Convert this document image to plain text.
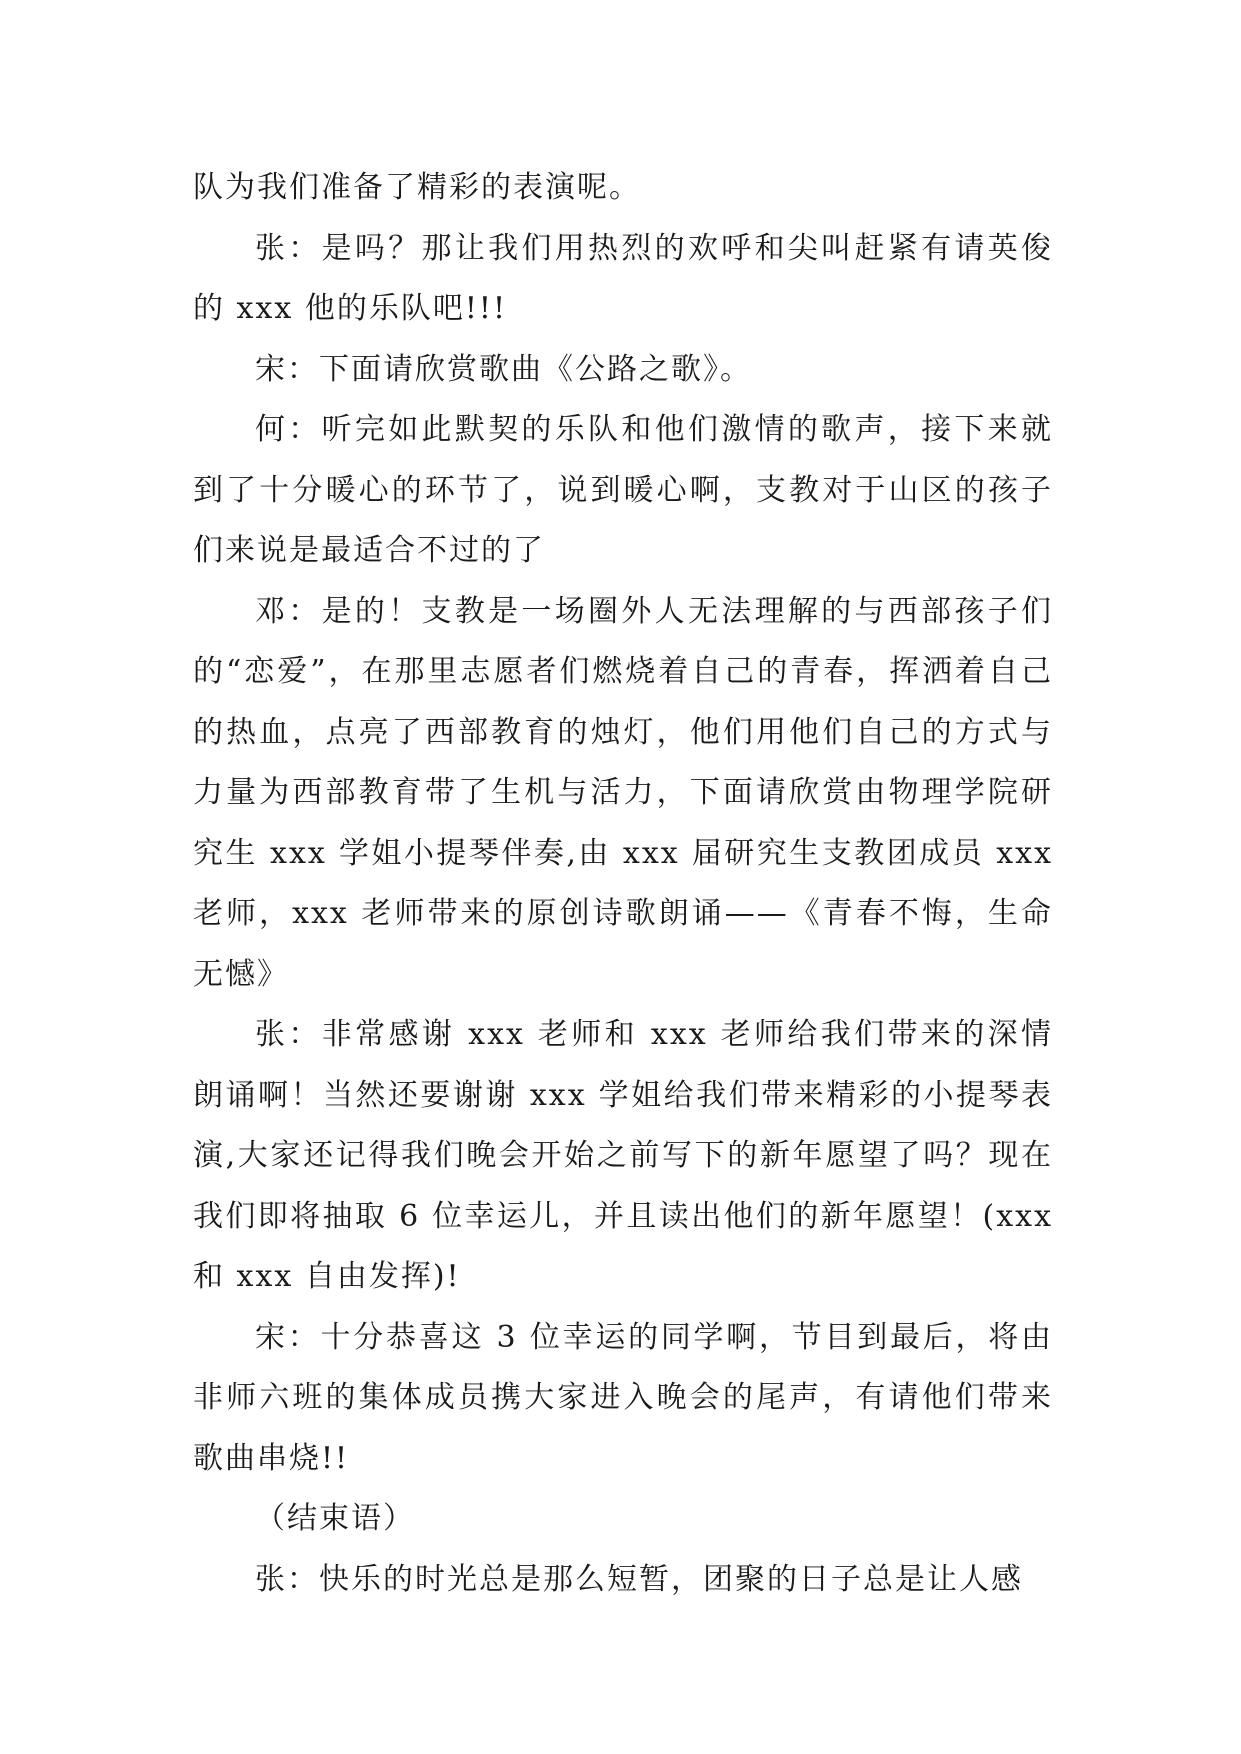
队为我们准备了精彩的表演呢。

张：是吗？那让我们用热烈的欢呼和尖叫赶紧有请英俊的 xxx 他的乐队吧!!!

宋：下面请欣赏歌曲《公路之歌》。

何：听完如此默契的乐队和他们激情的歌声，接下来就到了十分暖心的环节了，说到暖心啊，支教对于山区的孩子们来说是最适合不过的了

邓：是的！支教是一场圈外人无法理解的与西部孩子们的“恋爱”，在那里志愿者们燃烧着自己的青春，挥洒着自己的热血，点亮了西部教育的烛灯，他们用他们自己的方式与力量为西部教育带了生机与活力，下面请欣赏由物理学院研究生 xxx 学姐小提琴伴奏,由 xxx 届研究生支教团成员 xxx 老师，xxx 老师带来的原创诗歌朗诵——《青春不悔，生命无憾》

张：非常感谢 xxx 老师和 xxx 老师给我们带来的深情朗诵啊！当然还要谢谢 xxx 学姐给我们带来精彩的小提琴表演,大家还记得我们晚会开始之前写下的新年愿望了吗？现在我们即将抽取 6 位幸运儿，并且读出他们的新年愿望！(xxx和 xxx 自由发挥)!

宋：十分恭喜这 3 位幸运的同学啊，节目到最后，将由非师六班的集体成员携大家进入晚会的尾声，有请他们带来歌曲串烧!!

（结束语）

张：快乐的时光总是那么短暂，团聚的日子总是让人感
